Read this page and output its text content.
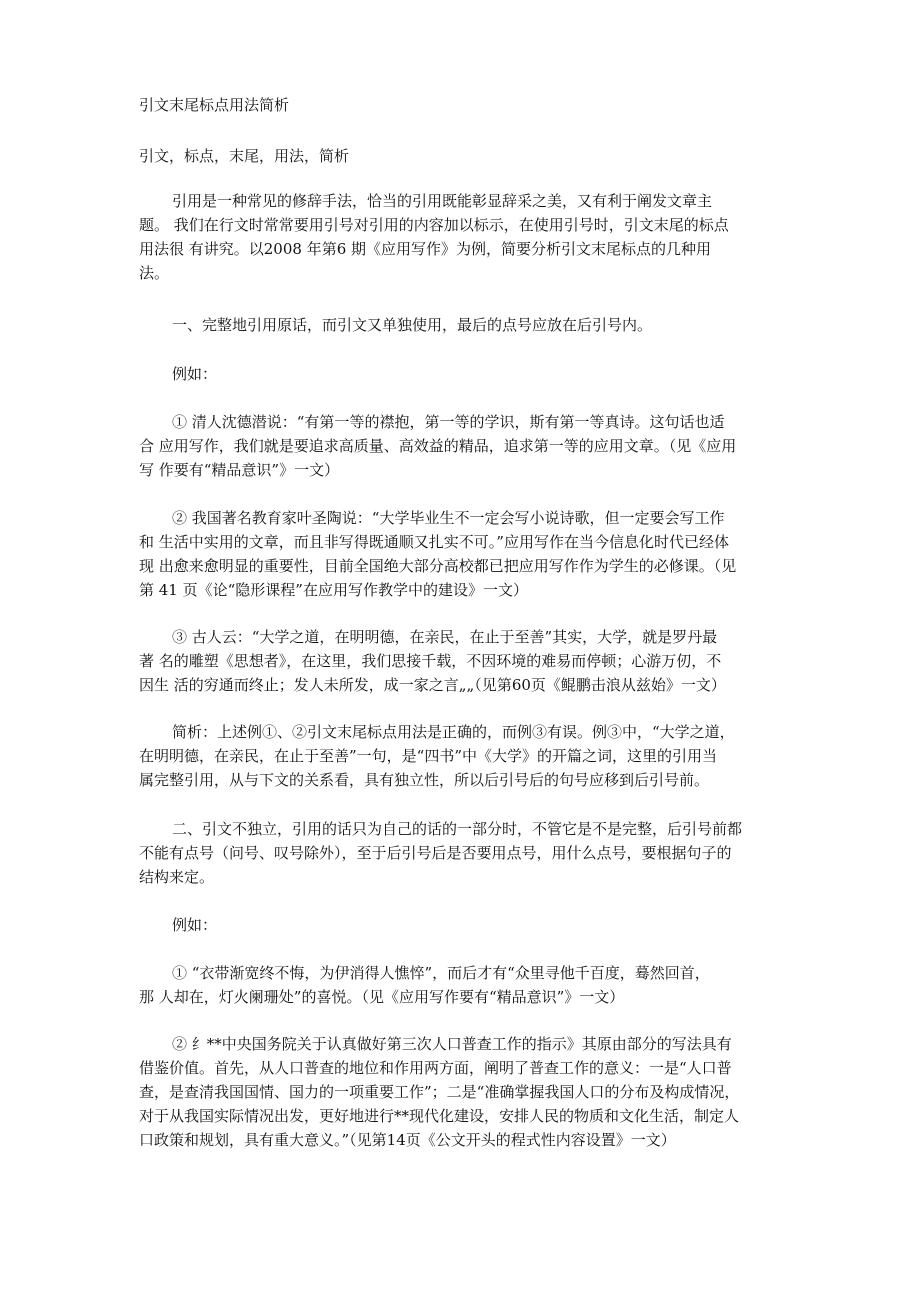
引文末尾标点用法简析
引文，标点，末尾，用法，简析
引用是一种常见的修辞手法，恰当的引用既能彰显辞采之美，又有利于阐发文章主
题。 我们在行文时常常要用引号对引用的内容加以标示，在使用引号时，引文末尾的标点
用法很 有讲究。以2008 年第6 期《应用写作》为例，简要分析引文末尾标点的几种用
法。
一、完整地引用原话，而引文又单独使用，最后的点号应放在后引号内。
例如：
① 清人沈德潜说：“有第一等的襟抱，第一等的学识，斯有第一等真诗。这句话也适
合 应用写作，我们就是要追求高质量、高效益的精品，追求第一等的应用文章。（见《应用
写 作要有“精品意识”》一文）
② 我国著名教育家叶圣陶说：“大学毕业生不一定会写小说诗歌，但一定要会写工作
和 生活中实用的文章，而且非写得既通顺又扎实不可。”应用写作在当今信息化时代已经体
现 出愈来愈明显的重要性，目前全国绝大部分高校都已把应用写作作为学生的必修课。（见
第 41 页《论“隐形课程”在应用写作教学中的建设》一文）
③ 古人云：“大学之道，在明明德，在亲民，在止于至善”其实，大学，就是罗丹最
著 名的雕塑《思想者》，在这里，我们思接千载，不因环境的难易而停顿；心游万仞，不
因生 活的穷通而终止；发人未所发，成一家之言„„（见第60页《鲲鹏击浪从兹始》一文）
简析：上述例①、②引文末尾标点用法是正确的，而例③有误。例③中，“大学之道，
在明明德，在亲民，在止于至善”一句，是“四书”中《大学》的开篇之词，这里的引用当
属完整引用，从与下文的关系看，具有独立性，所以后引号后的句号应移到后引号前。
二、引文不独立，引用的话只为自己的话的一部分时，不管它是不是完整，后引号前都
不能有点号（问号、叹号除外），至于后引号后是否要用点号，用什么点号，要根据句子的
结构来定。
例如：
① “衣带渐宽终不悔，为伊消得人憔悴”，而后才有“众里寻他千百度，蓦然回首，
那 人却在，灯火阑珊处”的喜悦。（见《应用写作要有“精品意识”》一文）
② 纟**中央国务院关于认真做好第三次人口普查工作的指示》其原由部分的写法具有
借鉴价值。首先，从人口普查的地位和作用两方面，阐明了普查工作的意义：一是“人口普
查，是查清我国国情、国力的一项重要工作”；二是“准确掌握我国人口的分布及构成情况，
对于从我国实际情况出发，更好地进行**现代化建设，安排人民的物质和文化生活，制定人
口政策和规划，具有重大意义。”（见第14页《公文开头的程式性内容设置》一文）
